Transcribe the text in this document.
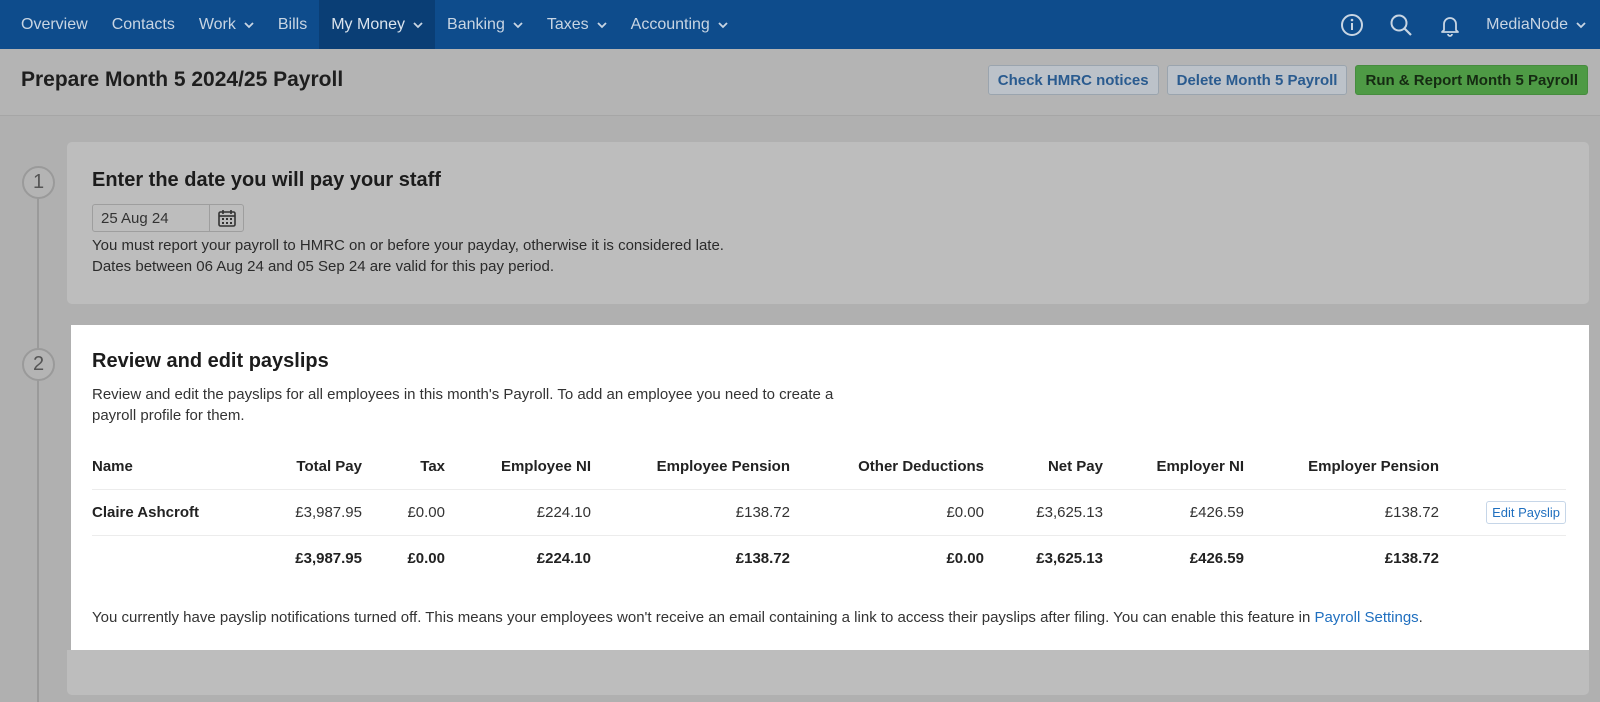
Overview Contacts Work	Bills My Money	Banking	Taxes	Accounting	MediaNode
Prepare Month 5 2024/25 Payroll	Check HMRC notices	Delete Month 5 Payroll	Run & Report Month 5 Payroll
1
2
Enter the date you will pay your staff
25 Aug 24
You must report your payroll to HMRC on or before your payday, otherwise it is considered late.
Dates between 06 Aug 24 and 05 Sep 24 are valid for this pay period.
Review and edit payslips
Review and edit the payslips for all employees in this month's Payroll. To add an employee you need to create a payroll profile for them.
Name	Total Pay	Tax	Employee NI	Employee Pension	Other Deductions	Net Pay	Employer NI	Employer Pension	
Claire Ashcroft	£3,987.95	£0.00	£224.10	£138.72	£0.00	£3,625.13	£426.59	£138.72	Edit Payslip
	£3,987.95	£0.00	£224.10	£138.72	£0.00	£3,625.13	£426.59	£138.72	
You currently have payslip notifications turned off. This means your employees won't receive an email containing a link to access their payslips after filing. You can enable this feature in Payroll Settings.
